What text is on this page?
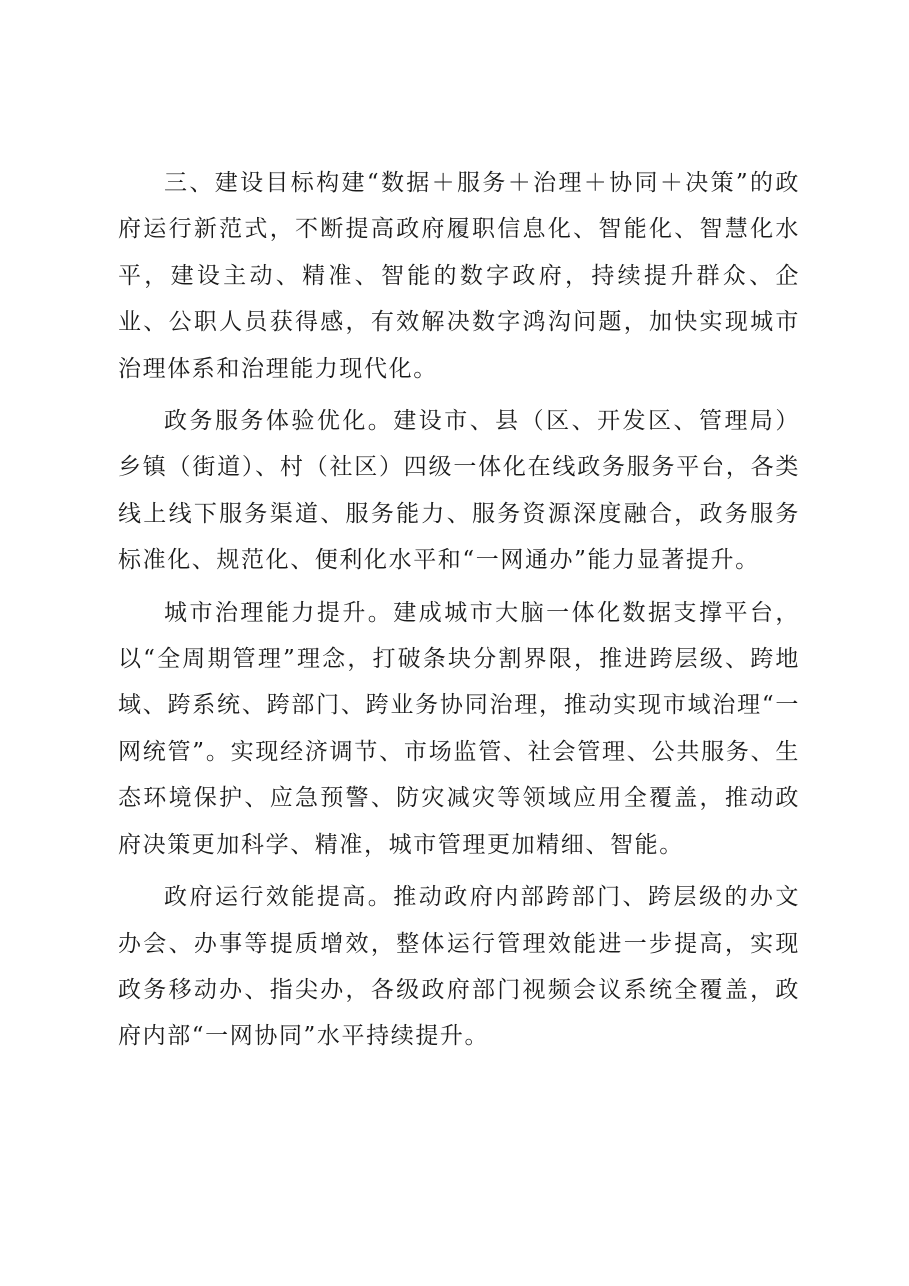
三、建设目标构建“数据＋服务＋治理＋协同＋决策”的政府运行新范式，不断提高政府履职信息化、智能化、智慧化水平，建设主动、精准、智能的数字政府，持续提升群众、企业、公职人员获得感，有效解决数字鸿沟问题，加快实现城市治理体系和治理能力现代化。

政务服务体验优化。建设市、县（区、开发区、管理局）乡镇（街道）、村（社区）四级一体化在线政务服务平台，各类线上线下服务渠道、服务能力、服务资源深度融合，政务服务标准化、规范化、便利化水平和“一网通办”能力显著提升。

城市治理能力提升。建成城市大脑一体化数据支撑平台，以“全周期管理”理念，打破条块分割界限，推进跨层级、跨地域、跨系统、跨部门、跨业务协同治理，推动实现市域治理“一网统管”。实现经济调节、市场监管、社会管理、公共服务、生态环境保护、应急预警、防灾减灾等领域应用全覆盖，推动政府决策更加科学、精准，城市管理更加精细、智能。

政府运行效能提高。推动政府内部跨部门、跨层级的办文办会、办事等提质增效，整体运行管理效能进一步提高，实现政务移动办、指尖办，各级政府部门视频会议系统全覆盖，政府内部“一网协同”水平持续提升。
